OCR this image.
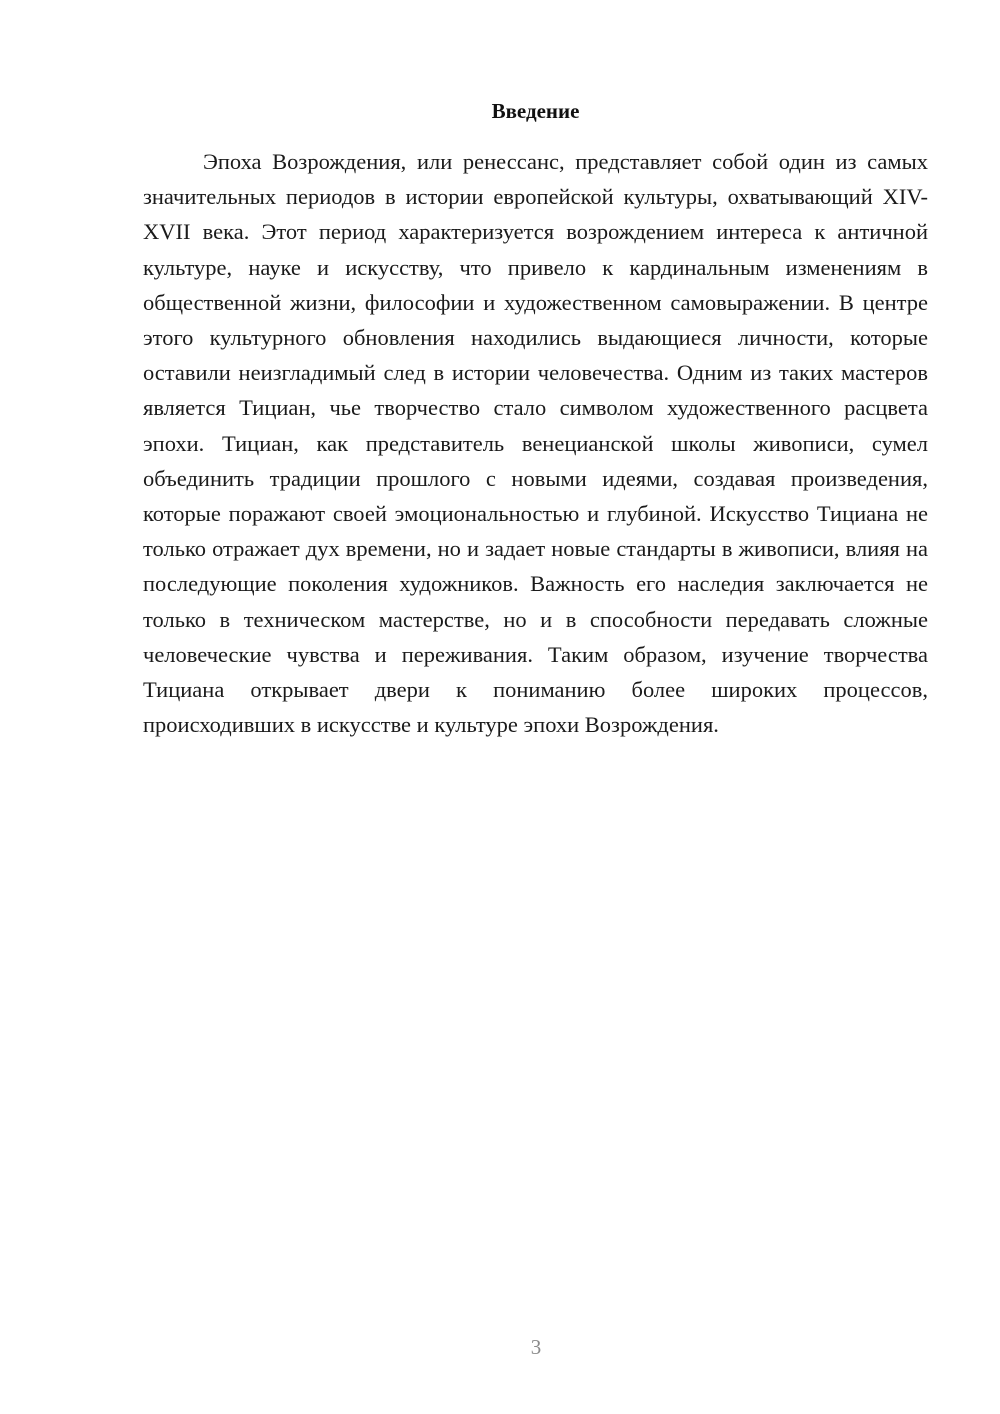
Введение

Эпоха Возрождения, или ренессанс, представляет собой один из самых значительных периодов в истории европейской культуры, охватывающий XIV-XVII века. Этот период характеризуется возрождением интереса к античной культуре, науке и искусству, что привело к кардинальным изменениям в общественной жизни, философии и художественном самовыражении. В центре этого культурного обновления находились выдающиеся личности, которые оставили неизгладимый след в истории человечества. Одним из таких мастеров является Тициан, чье творчество стало символом художественного расцвета эпохи. Тициан, как представитель венецианской школы живописи, сумел объединить традиции прошлого с новыми идеями, создавая произведения, которые поражают своей эмоциональностью и глубиной. Искусство Тициана не только отражает дух времени, но и задает новые стандарты в живописи, влияя на последующие поколения художников. Важность его наследия заключается не только в техническом мастерстве, но и в способности передавать сложные человеческие чувства и переживания. Таким образом, изучение творчества Тициана открывает двери к пониманию более широких процессов, происходивших в искусстве и культуре эпохи Возрождения.

3
